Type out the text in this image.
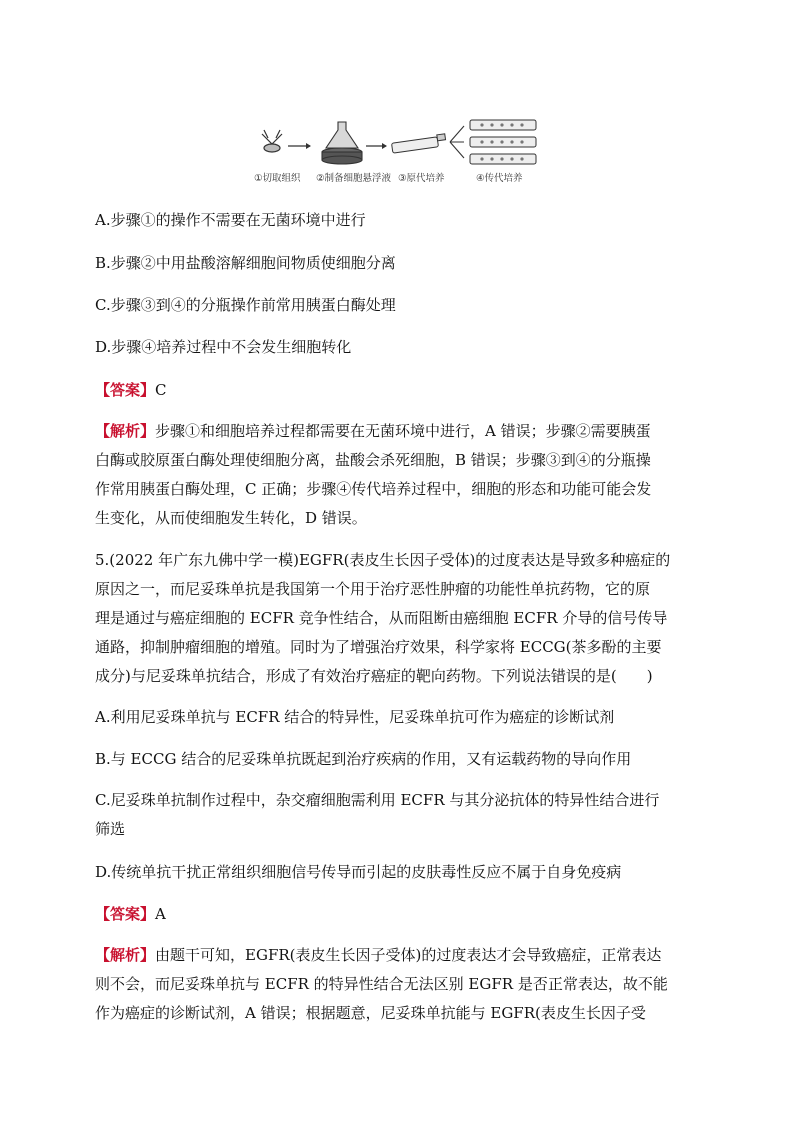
①切取组织 ②制备细胞悬浮液 ③原代培养	④传代培养
A.步骤①的操作不需要在无菌环境中进行
B.步骤②中用盐酸溶解细胞间物质使细胞分离
C.步骤③到④的分瓶操作前常用胰蛋白酶处理
D.步骤④培养过程中不会发生细胞转化
【答案】C
【解析】步骤①和细胞培养过程都需要在无菌环境中进行，A 错误；步骤②需要胰蛋
白酶或胶原蛋白酶处理使细胞分离，盐酸会杀死细胞，B 错误；步骤③到④的分瓶操
作常用胰蛋白酶处理，C 正确；步骤④传代培养过程中，细胞的形态和功能可能会发
生变化，从而使细胞发生转化，D 错误。
5.(2022 年广东九佛中学一模)EGFR(表皮生长因子受体)的过度表达是导致多种癌症的
原因之一，而尼妥珠单抗是我国第一个用于治疗恶性肿瘤的功能性单抗药物，它的原
理是通过与癌症细胞的 ECFR 竞争性结合，从而阻断由癌细胞 ECFR 介导的信号传导
通路，抑制肿瘤细胞的增殖。同时为了增强治疗效果，科学家将 ECCG(茶多酚的主要
成分)与尼妥珠单抗结合，形成了有效治疗癌症的靶向药物。下列说法错误的是(　　)
A.利用尼妥珠单抗与 ECFR 结合的特异性，尼妥珠单抗可作为癌症的诊断试剂
B.与 ECCG 结合的尼妥珠单抗既起到治疗疾病的作用，又有运载药物的导向作用
C.尼妥珠单抗制作过程中，杂交瘤细胞需利用 ECFR 与其分泌抗体的特异性结合进行
筛选
D.传统单抗干扰正常组织细胞信号传导而引起的皮肤毒性反应不属于自身免疫病
【答案】A
【解析】由题干可知，EGFR(表皮生长因子受体)的过度表达才会导致癌症，正常表达
则不会，而尼妥珠单抗与 ECFR 的特异性结合无法区别 EGFR 是否正常表达，故不能
作为癌症的诊断试剂，A 错误；根据题意，尼妥珠单抗能与 EGFR(表皮生长因子受
